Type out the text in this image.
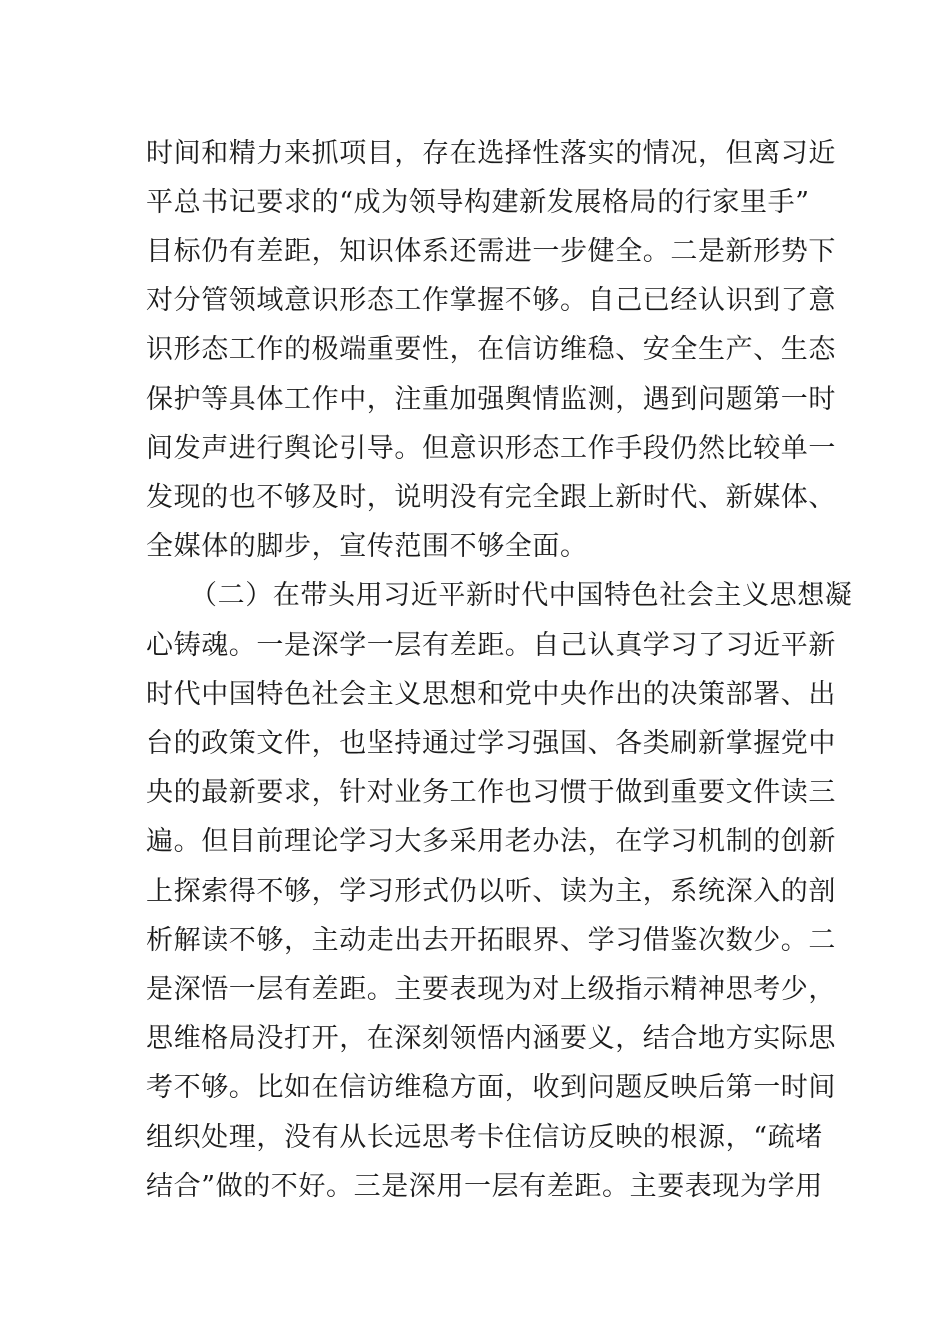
时间和精力来抓项目，存在选择性落实的情况，但离习近
平总书记要求的“成为领导构建新发展格局的行家里手”
目标仍有差距，知识体系还需进一步健全。二是新形势下
对分管领域意识形态工作掌握不够。自己已经认识到了意
识形态工作的极端重要性，在信访维稳、安全生产、生态
保护等具体工作中，注重加强舆情监测，遇到问题第一时
间发声进行舆论引导。但意识形态工作手段仍然比较单一
发现的也不够及时，说明没有完全跟上新时代、新媒体、
全媒体的脚步，宣传范围不够全面。
（二）在带头用习近平新时代中国特色社会主义思想凝
心铸魂。一是深学一层有差距。自己认真学习了习近平新
时代中国特色社会主义思想和党中央作出的决策部署、出
台的政策文件，也坚持通过学习强国、各类刷新掌握党中
央的最新要求，针对业务工作也习惯于做到重要文件读三
遍。但目前理论学习大多采用老办法，在学习机制的创新
上探索得不够，学习形式仍以听、读为主，系统深入的剖
析解读不够，主动走出去开拓眼界、学习借鉴次数少。二
是深悟一层有差距。主要表现为对上级指示精神思考少，
思维格局没打开，在深刻领悟内涵要义，结合地方实际思
考不够。比如在信访维稳方面，收到问题反映后第一时间
组织处理，没有从长远思考卡住信访反映的根源，“疏堵
结合”做的不好。三是深用一层有差距。主要表现为学用
